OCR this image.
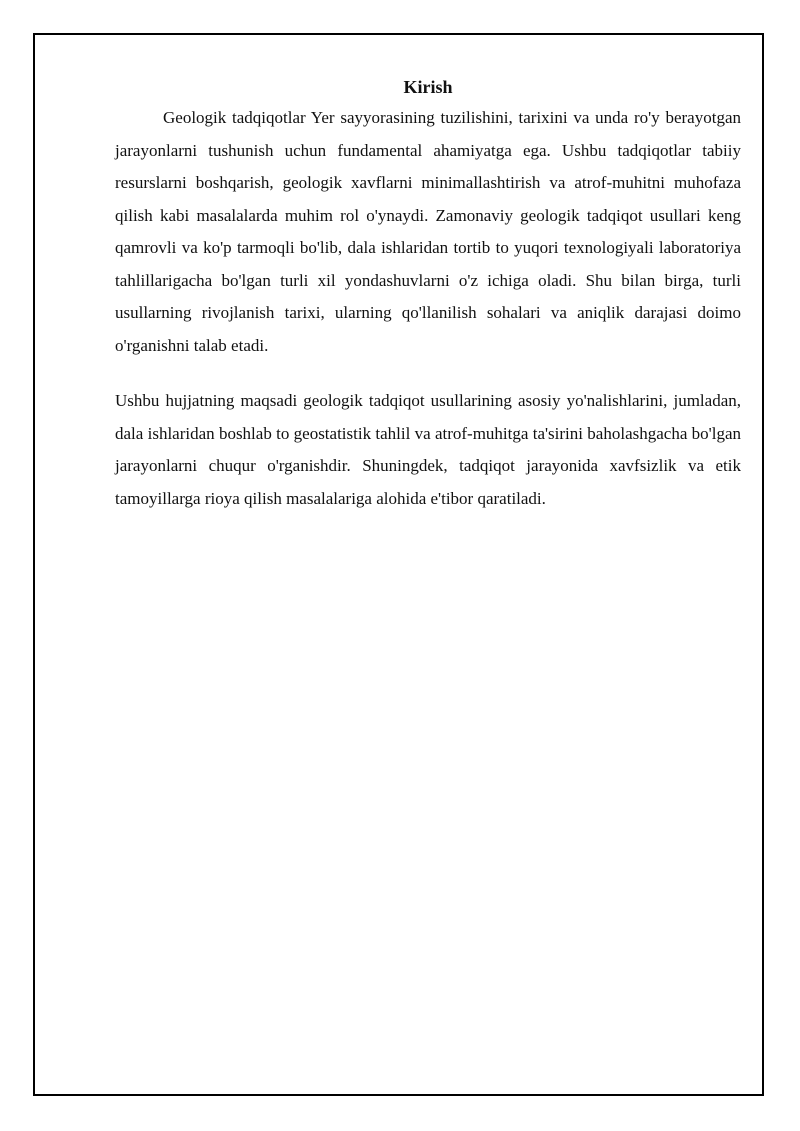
Kirish

Geologik tadqiqotlar Yer sayyorasining tuzilishini, tarixini va unda ro'y berayotgan jarayonlarni tushunish uchun fundamental ahamiyatga ega. Ushbu tadqiqotlar tabiiy resurslarni boshqarish, geologik xavflarni minimallashtirish va atrof-muhitni muhofaza qilish kabi masalalarda muhim rol o'ynaydi. Zamonaviy geologik tadqiqot usullari keng qamrovli va ko'p tarmoqli bo'lib, dala ishlaridan tortib to yuqori texnologiyali laboratoriya tahlillarigacha bo'lgan turli xil yondashuvlarni o'z ichiga oladi. Shu bilan birga, turli usullarning rivojlanish tarixi, ularning qo'llanilish sohalari va aniqlik darajasi doimo o'rganishni talab etadi.

Ushbu hujjatning maqsadi geologik tadqiqot usullarining asosiy yo'nalishlarini, jumladan, dala ishlaridan boshlab to geostatistik tahlil va atrof-muhitga ta'sirini baholashgacha bo'lgan jarayonlarni chuqur o'rganishdir. Shuningdek, tadqiqot jarayonida xavfsizlik va etik tamoyillarga rioya qilish masalalariga alohida e'tibor qaratiladi.
